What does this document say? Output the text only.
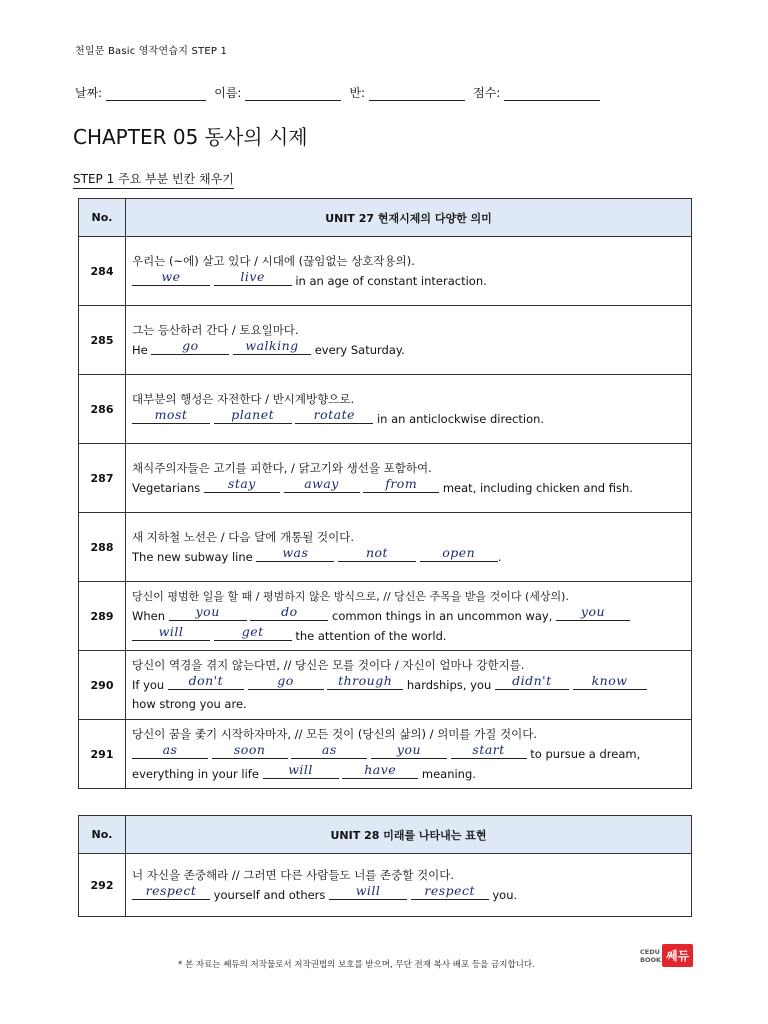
천일문 Basic 영작연습지 STEP 1
날짜:	이름:	반:	점수:
CHAPTER 05 동사의 시제
STEP 1 주요 부분 빈칸 채우기
No.	UNIT 27 현재시제의 다양한 의미
284	우리는 (~에) 살고 있다 / 시대에 (끊임없는 상호작용의).
we live in an age of constant interaction.

285	그는 등산하러 간다 / 토요일마다.
He go walking every Saturday.

286	대부분의 행성은 자전한다 / 반시계방향으로.
most planet rotate in an anticlockwise direction.

287	채식주의자들은 고기를 피한다, / 닭고기와 생선을 포함하여.
Vegetarians stay away from meat, including chicken and fish.

288	새 지하철 노선은 / 다음 달에 개통될 것이다.
The new subway line was not open .

289	당신이 평범한 일을 할 때 / 평범하지 않은 방식으로, // 당신은 주목을 받을 것이다 (세상의).
When you do common things in an uncommon way, you
will get the attention of the world.

290	당신이 역경을 겪지 않는다면, // 당신은 모를 것이다 / 자신이 얼마나 강한지를.
If you don't go through hardships, you didn't know
how strong you are.

291	당신이 꿈을 좇기 시작하자마자, // 모든 것이 (당신의 삶의) / 의미를 가질 것이다.
as soon as you start to pursue a dream,
everything in your life will have meaning.
No.	UNIT 28 미래를 나타내는 표현
292	너 자신을 존중해라 // 그러면 다른 사람들도 너를 존중할 것이다.
respect yourself and others will respect you.
* 본 자료는 쎄듀의 저작물로서 저작권법의 보호를 받으며, 무단 전재 복사 배포 등을 금지합니다.
CEDU BOOK 쎄듀
